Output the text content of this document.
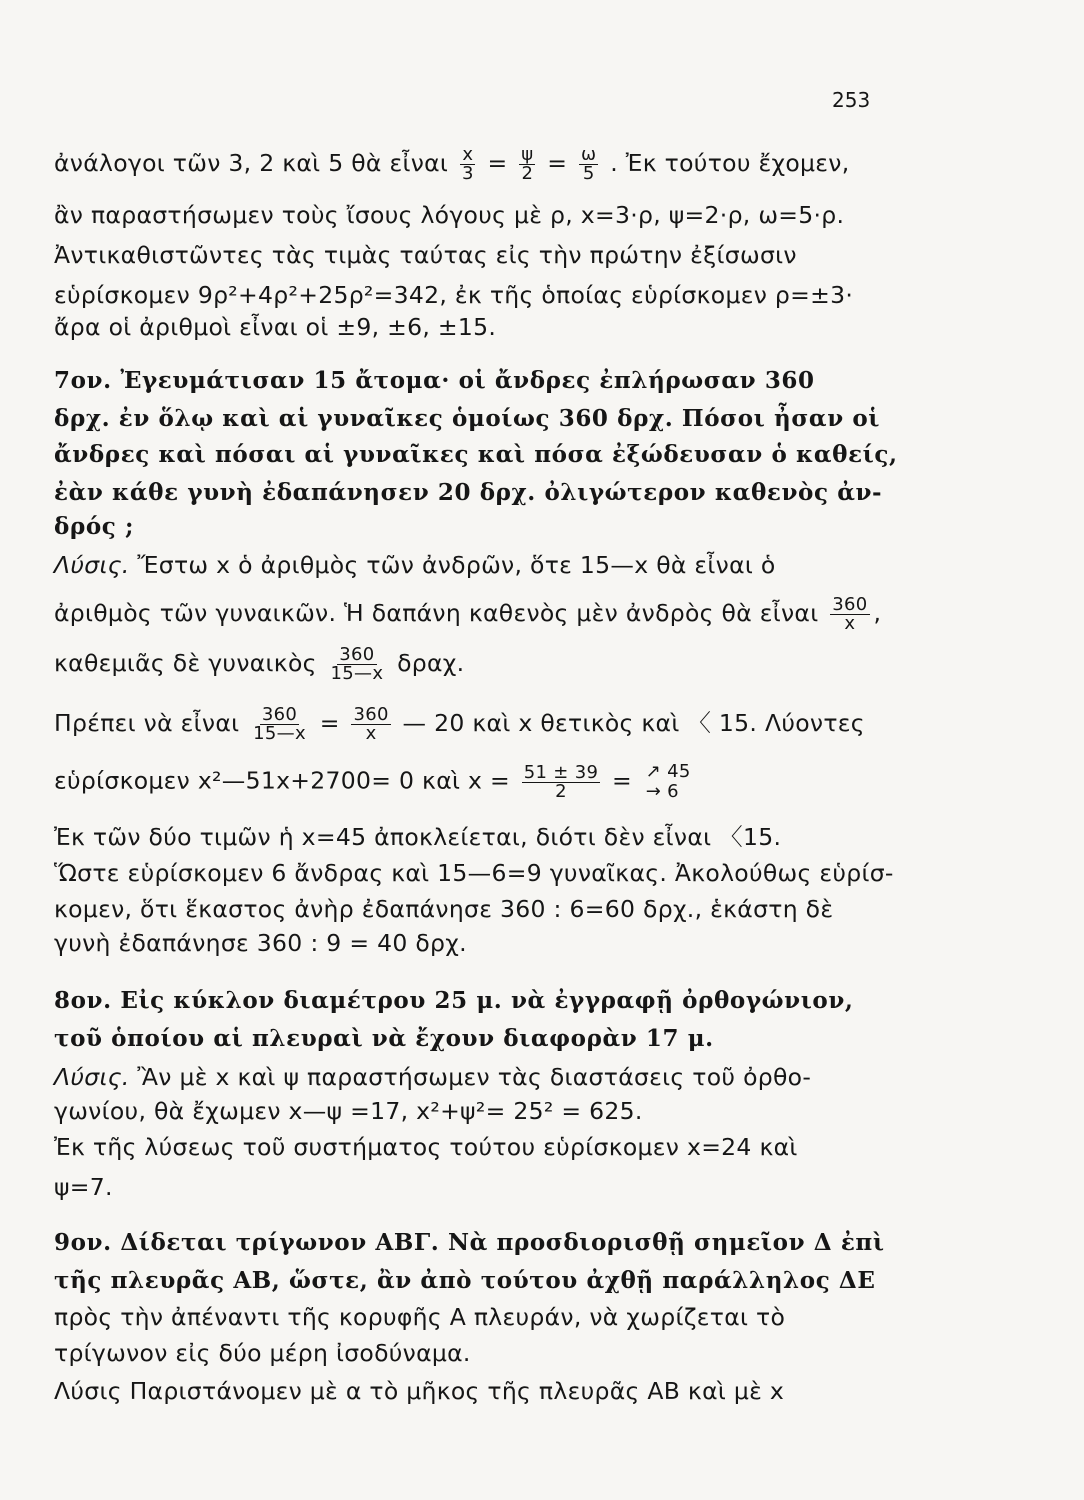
253
ἀνάλογοι τῶν 3, 2 καὶ 5 θὰ εἶναι $\frac{x}{3} = \frac{\psi}{2} = \frac{\omega}{5}$ . Ἐκ τούτου ἔχομεν,
ἂν παραστήσωμεν τοὺς ἴσους λόγους μὲ ρ, x=3·ρ, ψ=2·ρ, ω=5·ρ.
Ἀντικαθιστῶντες τὰς τιμὰς ταύτας εἰς τὴν πρώτην ἐξίσωσιν
εὑρίσκομεν 9ρ²+4ρ²+25ρ²=342, ἐκ τῆς ὁποίας εὑρίσκομεν ρ=±3·
ἄρα οἱ ἀριθμοὶ εἶναι οἱ ±9, ±6, ±15.
7ον. Ἐγευμάτισαν 15 ἄτομα· οἱ ἄνδρες ἐπλήρωσαν 360
δρχ. ἐν ὅλῳ καὶ αἱ γυναῖκες ὁμοίως 360 δρχ. Πόσοι ἦσαν οἱ
ἄνδρες καὶ πόσαι αἱ γυναῖκες καὶ πόσα ἐξώδευσαν ὁ καθείς,
ἐὰν κάθε γυνὴ ἐδαπάνησεν 20 δρχ. ὀλιγώτερον καθενὸς ἀν-
δρός ;
Λύσις. Ἔστω x ὁ ἀριθμὸς τῶν ἀνδρῶν, ὅτε 15—x θὰ εἶναι ὁ
ἀριθμὸς τῶν γυναικῶν. Ἡ δαπάνη καθενὸς μὲν ἀνδρὸς θὰ εἶναι $\frac{360}{x}$ ,
καθεμιᾶς δὲ γυναικὸς $\frac{360}{15—x} \delta\rho\alpha\chi$.
Πρέπει νὰ εἶναι $\frac{360}{15—x} = \frac{360}{x}$ — 20 καὶ x θετικὸς καὶ 〈 15. Λύοντες
εὑρίσκομεν x²—51x+2700= 0 καὶ $x = \frac{51 \pm 39}{2}$ = ↗ 45
→ 6
Ἐκ τῶν δύο τιμῶν ἡ x=45 ἀποκλείεται, διότι δὲν εἶναι 〈15.
Ὥστε εὑρίσκομεν 6 ἄνδρας καὶ 15—6=9 γυναῖκας. Ἀκολούθως εὑρίσ-
κομεν, ὅτι ἕκαστος ἀνὴρ ἐδαπάνησε 360 : 6=60 δρχ., ἑκάστη δὲ
γυνὴ ἐδαπάνησε 360 : 9 = 40 δρχ.
8ον. Εἰς κύκλον διαμέτρου 25 μ. νὰ ἐγγραφῇ ὀρθογώνιον,
τοῦ ὁποίου αἱ πλευραὶ νὰ ἔχουν διαφορὰν 17 μ.
Λύσις. Ἂν μὲ x καὶ ψ παραστήσωμεν τὰς διαστάσεις τοῦ ὀρθο-
γωνίου, θὰ ἔχωμεν x—ψ =17, x²+ψ²= 25² = 625.
Ἐκ τῆς λύσεως τοῦ συστήματος τούτου εὑρίσκομεν x=24 καὶ
ψ=7.
9ον. Δίδεται τρίγωνον ΑΒΓ. Νὰ προσδιορισθῇ σημεῖον Δ ἐπὶ
τῆς πλευρᾶς ΑΒ, ὥστε, ἂν ἀπὸ τούτου ἀχθῇ παράλληλος ΔΕ
πρὸς τὴν ἀπέναντι τῆς κορυφῆς Α πλευράν, νὰ χωρίζεται τὸ
τρίγωνον εἰς δύο μέρη ἰσοδύναμα.
Λύσις Παριστάνομεν μὲ α τὸ μῆκος τῆς πλευρᾶς ΑΒ καὶ μὲ x
